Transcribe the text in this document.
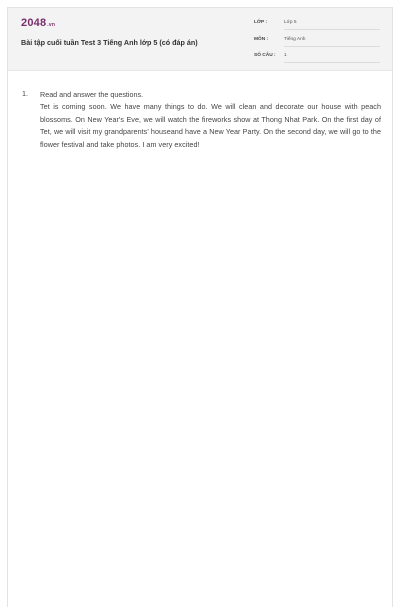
2048.vn
Bài tập cuối tuần Test 3 Tiếng Anh lớp 5 (có đáp án)
LỚP :	Lớp 5
MÔN :	Tiếng Anh
SỐ CÂU : 1
1. Read and answer the questions.
Tet is coming soon. We have many things to do. We will clean and decorate our house with peach blossoms. On New Year's Eve, we will watch the fireworks show at Thong Nhat Park. On the first day of Tet, we will visit my grandparents' houseand have a New Year Party. On the second day, we will go to the flower festival and take photos. I am very excited!
